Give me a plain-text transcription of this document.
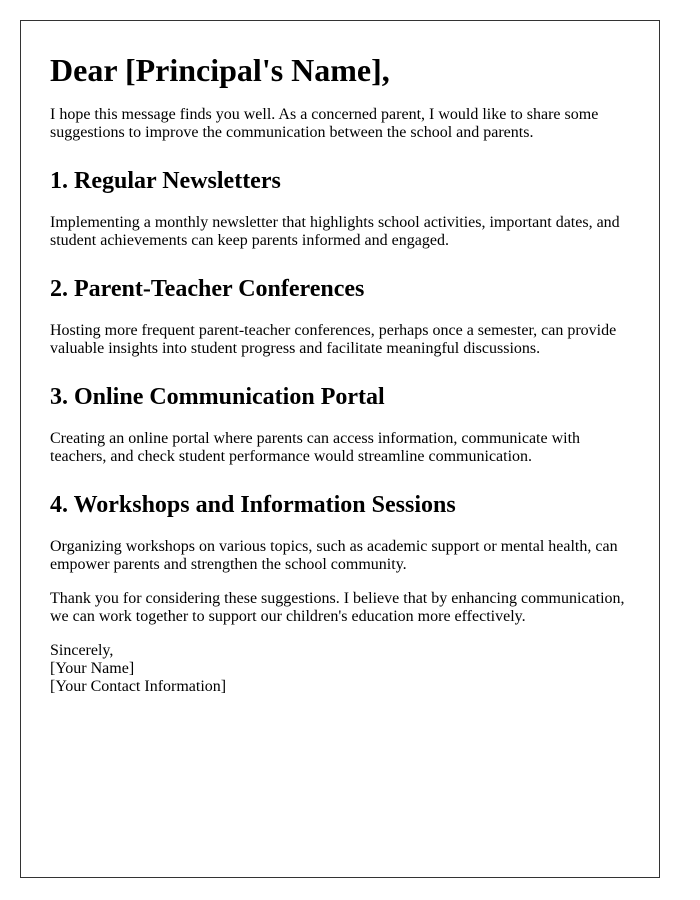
Dear [Principal's Name],

I hope this message finds you well. As a concerned parent, I would like to share some suggestions to improve the communication between the school and parents.

1. Regular Newsletters

Implementing a monthly newsletter that highlights school activities, important dates, and student achievements can keep parents informed and engaged.

2. Parent-Teacher Conferences

Hosting more frequent parent-teacher conferences, perhaps once a semester, can provide valuable insights into student progress and facilitate meaningful discussions.

3. Online Communication Portal

Creating an online portal where parents can access information, communicate with teachers, and check student performance would streamline communication.

4. Workshops and Information Sessions

Organizing workshops on various topics, such as academic support or mental health, can empower parents and strengthen the school community.

Thank you for considering these suggestions. I believe that by enhancing communication, we can work together to support our children's education more effectively.

Sincerely,
[Your Name]
[Your Contact Information]
